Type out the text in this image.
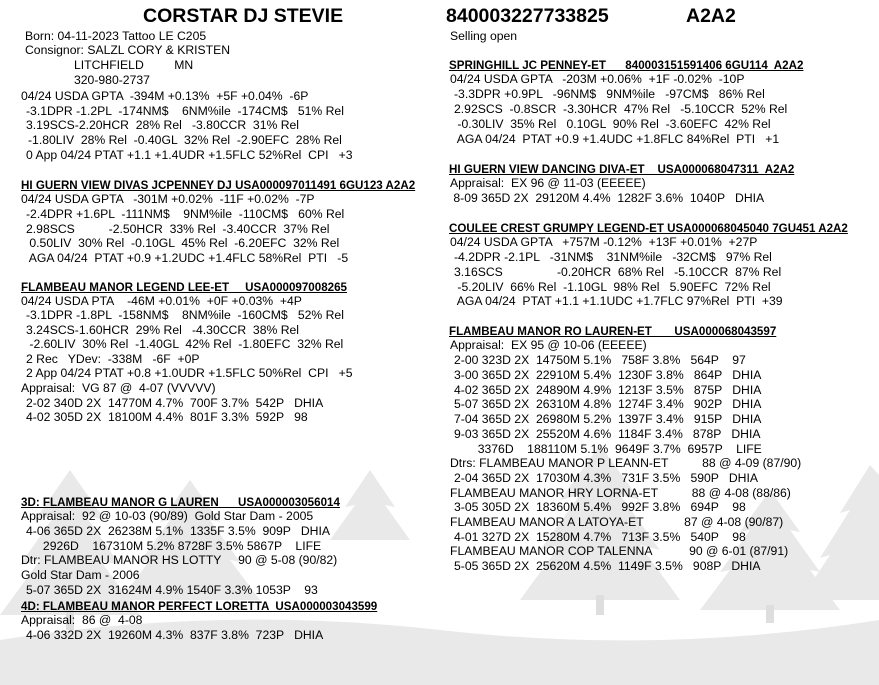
CORSTAR DJ STEVIE	840003227733825	A2A2
Born: 04-11-2023 Tattoo LE C205	Selling open
Consignor: SALZL CORY & KRISTEN
LITCHFIELD         MN
320-980-2737
04/24 USDA GPTA  -394M +0.13%  +5F +0.04%  -6P
-3.1DPR -1.2PL  -174NM$    6NM%ile  -174CM$   51% Rel
3.19SCS-2.20HCR  28% Rel   -3.80CCR  31% Rel
-1.80LIV  28% Rel  -0.40GL  32% Rel  -2.90EFC  28% Rel
0 App 04/24 PTAT +1.1 +1.4UDR +1.5FLC 52%Rel  CPI   +3
HI GUERN VIEW DIVAS JCPENNEY DJ USA000097011491 6GU123 A2A2
04/24 USDA GPTA   -301M +0.02%  -11F +0.02%  -7P
-2.4DPR +1.6PL  -111NM$    9NM%ile  -110CM$   60% Rel
2.98SCS          -2.50HCR  33% Rel  -3.40CCR  37% Rel
0.50LIV  30% Rel  -0.10GL  45% Rel  -6.20EFC  32% Rel
AGA 04/24  PTAT +0.9 +1.2UDC +1.4FLC 58%Rel  PTI   -5
FLAMBEAU MANOR LEGEND LEE-ET     USA000097008265
04/24 USDA PTA    -46M +0.01%  +0F +0.03%  +4P
-3.1DPR -1.8PL  -158NM$    8NM%ile  -160CM$   52% Rel
3.24SCS-1.60HCR  29% Rel   -4.30CCR  38% Rel
-2.60LIV  30% Rel  -1.40GL  42% Rel  -1.80EFC  32% Rel
2 Rec   YDev:  -338M   -6F  +0P
2 App 04/24 PTAT +0.8 +1.0UDR +1.5FLC 50%Rel  CPI   +5
Appraisal:  VG 87 @  4-07 (VVVVV)
2-02 340D 2X  14770M 4.7%  700F 3.7%  542P   DHIA
4-02 305D 2X  18100M 4.4%  801F 3.3%  592P   98
3D: FLAMBEAU MANOR G LAUREN      USA000003056014
Appraisal:  92 @ 10-03 (90/89)  Gold Star Dam - 2005
4-06 365D 2X  26238M 5.1%  1335F 3.5%  909P   DHIA
2926D    167310M 5.2% 8728F 3.5% 5867P    LIFE
Dtr: FLAMBEAU MANOR HS LOTTY     90 @ 5-08 (90/82)
Gold Star Dam - 2006
5-07 365D 2X  31624M 4.9% 1540F 3.3% 1053P    93
4D: FLAMBEAU MANOR PERFECT LORETTA  USA000003043599
Appraisal:  86 @  4-08
4-06 332D 2X  19260M 4.3%  837F 3.8%  723P   DHIA
SPRINGHILL JC PENNEY-ET      840003151591406 6GU114  A2A2
04/24 USDA GPTA   -203M +0.06%  +1F -0.02%  -10P
-3.3DPR +0.9PL   -96NM$   9NM%ile   -97CM$   86% Rel
2.92SCS  -0.8SCR  -3.30HCR  47% Rel   -5.10CCR  52% Rel
-0.30LIV  35% Rel   0.10GL  90% Rel  -3.60EFC  42% Rel
AGA 04/24  PTAT +0.9 +1.4UDC +1.8FLC 84%Rel  PTI   +1
HI GUERN VIEW DANCING DIVA-ET    USA000068047311  A2A2
Appraisal:  EX 96 @ 11-03 (EEEEE)
8-09 365D 2X  29120M 4.4%  1282F 3.6%  1040P   DHIA
COULEE CREST GRUMPY LEGEND-ET USA000068045040 7GU451 A2A2
04/24 USDA GPTA   +757M -0.12%  +13F +0.01%  +27P
-4.2DPR -2.1PL   -31NM$    31NM%ile   -32CM$   97% Rel
3.16SCS                -0.20HCR  68% Rel   -5.10CCR  87% Rel
-5.20LIV  66% Rel  -1.10GL  98% Rel   5.90EFC  72% Rel
AGA 04/24  PTAT +1.1 +1.1UDC +1.7FLC 97%Rel  PTI  +39
FLAMBEAU MANOR RO LAUREN-ET       USA000068043597
Appraisal:  EX 95 @ 10-06 (EEEEE)
2-00 323D 2X  14750M 5.1%   758F 3.8%   564P    97
3-00 365D 2X  22910M 5.4%  1230F 3.8%   864P   DHIA
4-02 365D 2X  24890M 4.9%  1213F 3.5%   875P   DHIA
5-07 365D 2X  26310M 4.8%  1274F 3.4%   902P   DHIA
7-04 365D 2X  26980M 5.2%  1397F 3.4%   915P   DHIA
9-03 365D 2X  25520M 4.6%  1184F 3.4%   878P   DHIA
3376D    188110M 5.1%  9649F 3.7%  6957P    LIFE
Dtrs: FLAMBEAU MANOR P LEANN-ET          88 @ 4-09 (87/90)
2-04 365D 2X  17030M 4.3%   731F 3.5%   590P   DHIA
FLAMBEAU MANOR HRY LORNA-ET          88 @ 4-08 (88/86)
3-05 305D 2X  18360M 5.4%   992F 3.8%   694P    98
FLAMBEAU MANOR A LATOYA-ET            87 @ 4-08 (90/87)
4-01 327D 2X  15280M 4.7%   713F 3.5%   540P    98
FLAMBEAU MANOR COP TALENNA           90 @ 6-01 (87/91)
5-05 365D 2X  25620M 4.5%  1149F 3.5%   908P   DHIA
